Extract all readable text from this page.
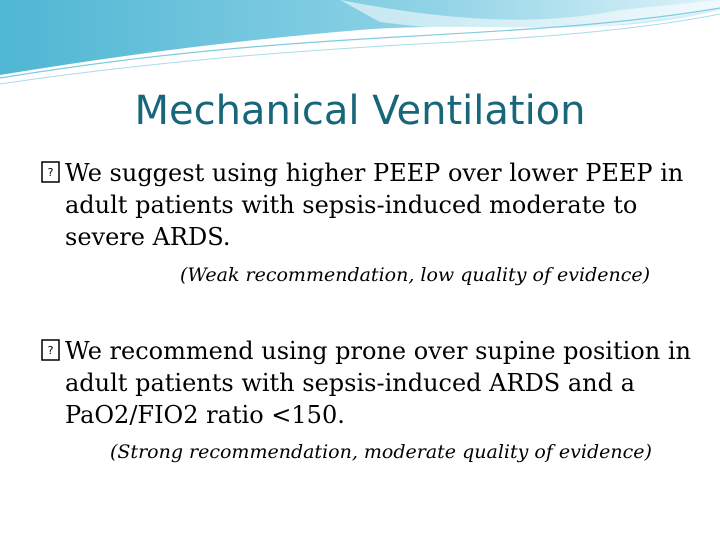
Mechanical Ventilation
? We suggest using higher PEEP over lower PEEP in adult patients with sepsis-induced moderate to severe ARDS.
(Weak recommendation, low quality of evidence)
? We recommend using prone over supine position in adult patients with sepsis-induced ARDS and a PaO2/FIO2 ratio <150.
(Strong recommendation, moderate quality of evidence)
